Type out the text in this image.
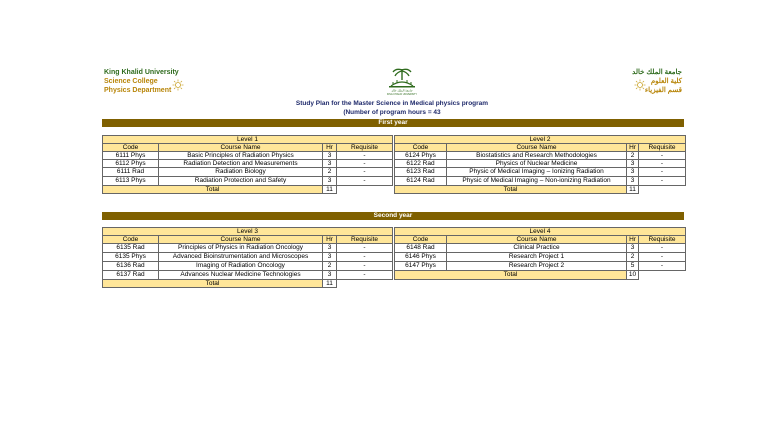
King Khalid University
Science College
Physics Department	جامعة الملك خالد
KING KHALID UNIVERSITY
جامعة الملك خالد
كلية العلوم
قسم الفيزياء
Study Plan for the Master Science in Medical physics program
(Number of program hours = 43
First year
Level 1			
Code	Course Name	Hr	Requisite
6111 Phys	Basic Principles of Radiation Physics	3	-
6112 Phys	Radiation Detection and Measurements	3	-
6111 Rad	Radiation Biology	2	-
6113 Phys	Radiation Protection and Safety	3	-
Total		11	
Level 2			
Code	Course Name	Hr	Requisite
6124 Phys	Biostatistics and Research Methodologies	2	-
6122 Rad	Physics of Nuclear Medicine	3	-
6123 Rad	Physic of Medical Imaging – Ionizing Radiation	3	-
6124 Rad	Physic of Medical Imaging – Non-ionizing Radiation	3	-
Total		11	
Second year
Level 3			
Code	Course Name	Hr	Requisite
6135 Rad	Principles of Physics in Radiation Oncology	3	-
6135 Phys	Advanced Bioinstrumentation and Microscopes	3	-
6136 Rad	Imaging of Radiation Oncology	2	-
6137 Rad	Advances Nuclear Medicine Technologies	3	-
Total		11	
Level 4			
Code	Course Name	Hr	Requisite
6148 Rad	Clinical Practice	3	-
6146 Phys	Research Project 1	2	-
6147 Phys	Research Project 2	5	-
Total		10	
